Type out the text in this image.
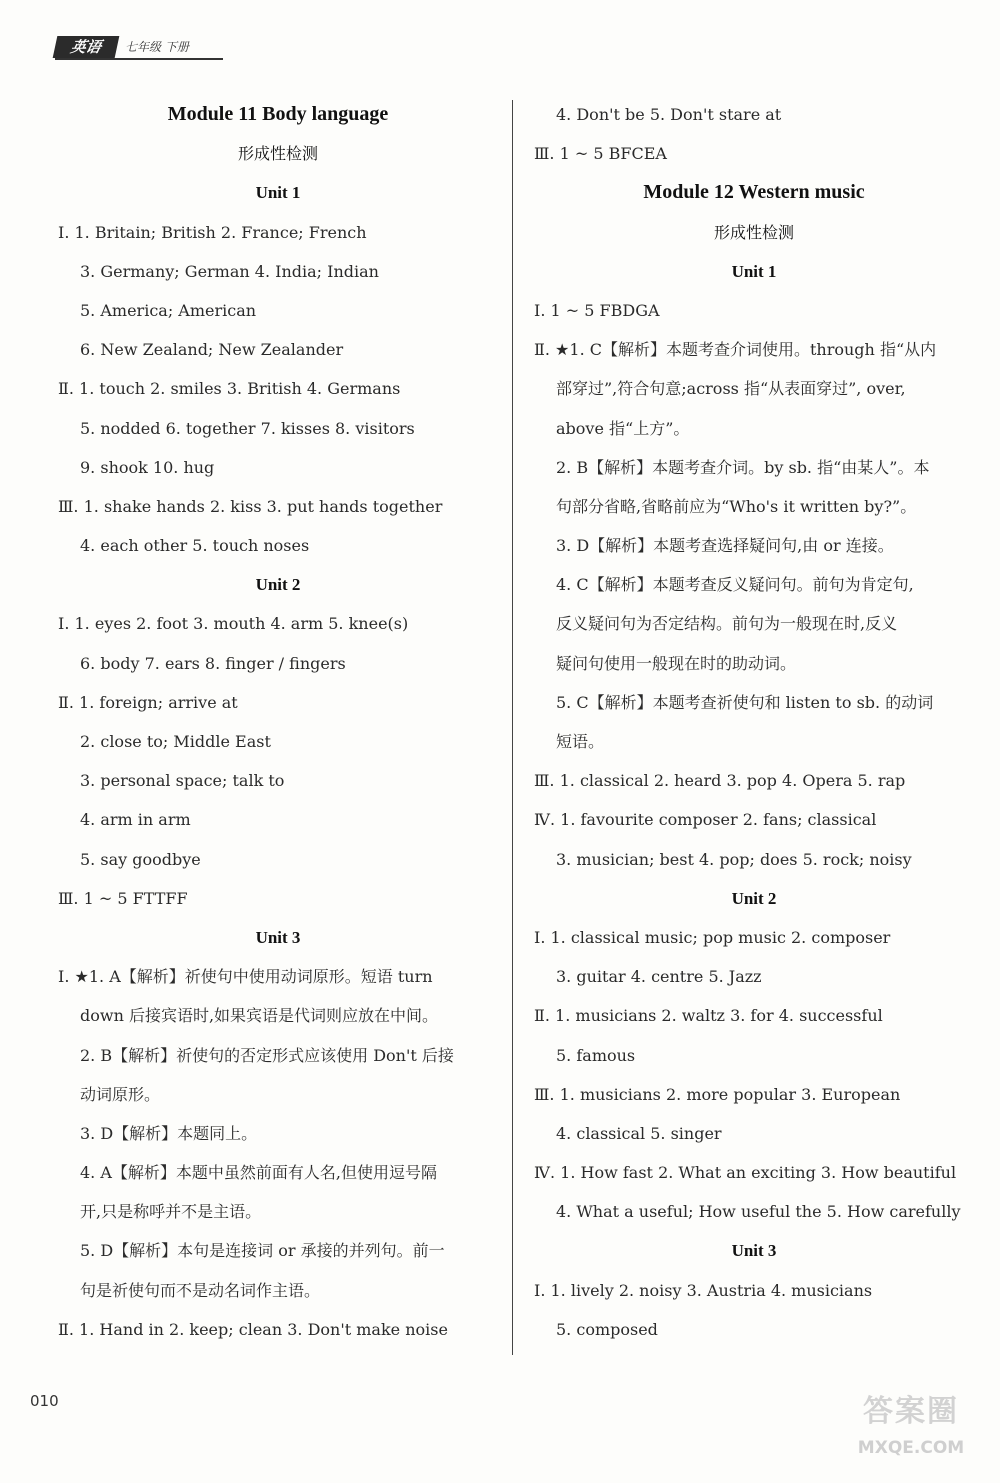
英语	七年级 下册
Module 11 Body language
形成性检测
Unit 1
Ⅰ. 1. Britain; British 2. France; French
3. Germany; German 4. India; Indian
5. America; American
6. New Zealand; New Zealander
Ⅱ. 1. touch 2. smiles 3. British 4. Germans
5. nodded 6. together 7. kisses 8. visitors
9. shook 10. hug
Ⅲ. 1. shake hands 2. kiss 3. put hands together
4. each other 5. touch noses
Unit 2
Ⅰ. 1. eyes 2. foot 3. mouth 4. arm 5. knee(s)
6. body 7. ears 8. finger / fingers
Ⅱ. 1. foreign; arrive at
2. close to; Middle East
3. personal space; talk to
4. arm in arm
5. say goodbye
Ⅲ. 1 ~ 5 FTTFF
Unit 3
Ⅰ. ★1. A【解析】祈使句中使用动词原形。短语 turn
down 后接宾语时,如果宾语是代词则应放在中间。
2. B【解析】祈使句的否定形式应该使用 Don't 后接
动词原形。
3. D【解析】本题同上。
4. A【解析】本题中虽然前面有人名,但使用逗号隔
开,只是称呼并不是主语。
5. D【解析】本句是连接词 or 承接的并列句。前一
句是祈使句而不是动名词作主语。
Ⅱ. 1. Hand in 2. keep; clean 3. Don't make noise
4. Don't be 5. Don't stare at
Ⅲ. 1 ~ 5 BFCEA
Module 12 Western music
形成性检测
Unit 1
Ⅰ. 1 ~ 5 FBDGA
Ⅱ. ★1. C【解析】本题考查介词使用。through 指“从内
部穿过”,符合句意;across 指“从表面穿过”, over,
above 指“上方”。
2. B【解析】本题考查介词。by sb. 指“由某人”。本
句部分省略,省略前应为“Who's it written by?”。
3. D【解析】本题考查选择疑问句,由 or 连接。
4. C【解析】本题考查反义疑问句。前句为肯定句,
反义疑问句为否定结构。前句为一般现在时,反义
疑问句使用一般现在时的助动词。
5. C【解析】本题考查祈使句和 listen to sb. 的动词
短语。
Ⅲ. 1. classical 2. heard 3. pop 4. Opera 5. rap
Ⅳ. 1. favourite composer 2. fans; classical
3. musician; best 4. pop; does 5. rock; noisy
Unit 2
Ⅰ. 1. classical music; pop music 2. composer
3. guitar 4. centre 5. Jazz
Ⅱ. 1. musicians 2. waltz 3. for 4. successful
5. famous
Ⅲ. 1. musicians 2. more popular 3. European
4. classical 5. singer
Ⅳ. 1. How fast 2. What an exciting 3. How beautiful
4. What a useful; How useful the 5. How carefully
Unit 3
Ⅰ. 1. lively 2. noisy 3. Austria 4. musicians
5. composed
010	答案圈
MXQE.COM
